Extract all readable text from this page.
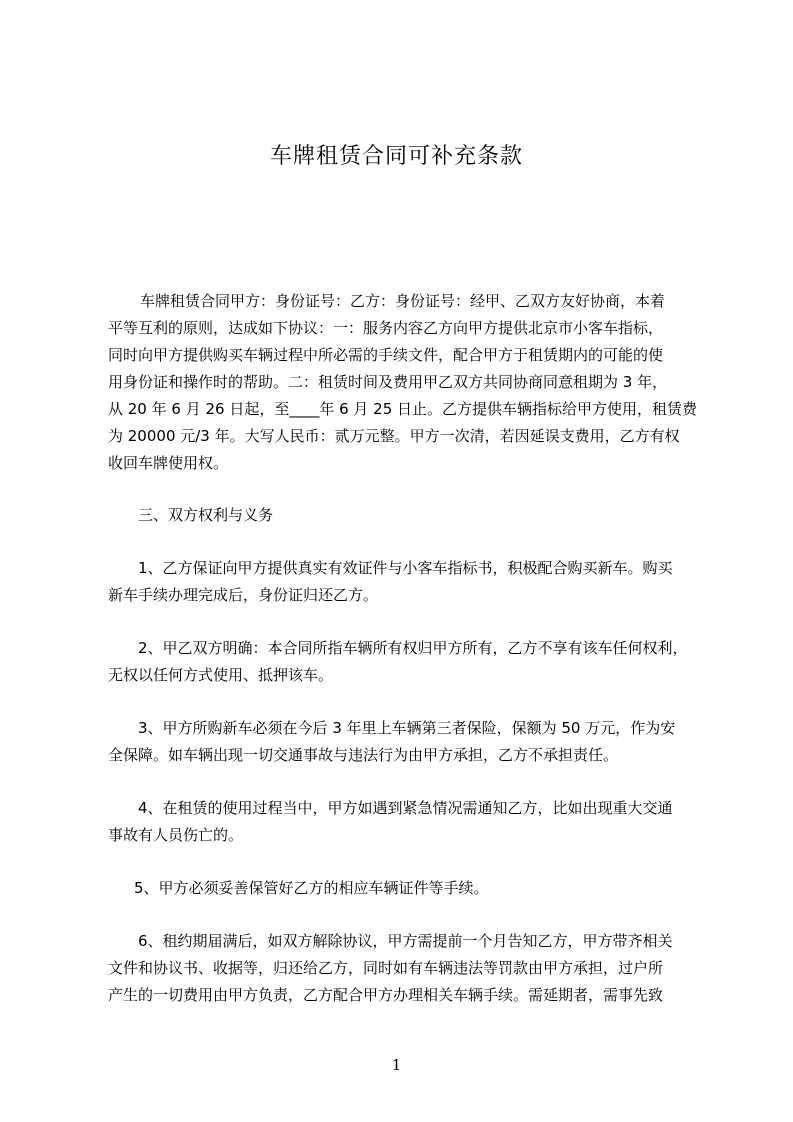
车牌租赁合同可补充条款

车牌租赁合同甲方：身份证号：乙方：身份证号：经甲、乙双方友好协商，本着

平等互利的原则，达成如下协议：一：服务内容乙方向甲方提供北京市小客车指标，

同时向甲方提供购买车辆过程中所必需的手续文件，配合甲方于租赁期内的可能的使

用身份证和操作时的帮助。二：租赁时间及费用甲乙双方共同协商同意租期为 3 年，

从 20 年 6 月 26 日起，至____年 6 月 25 日止。乙方提供车辆指标给甲方使用，租赁费

为 20000 元/3 年。大写人民币：贰万元整。甲方一次清，若因延误支费用，乙方有权

收回车牌使用权。

三、双方权利与义务

1、乙方保证向甲方提供真实有效证件与小客车指标书，积极配合购买新车。购买

新车手续办理完成后，身份证归还乙方。

2、甲乙双方明确：本合同所指车辆所有权归甲方所有，乙方不享有该车任何权利，

无权以任何方式使用、抵押该车。

3、甲方所购新车必须在今后 3 年里上车辆第三者保险，保额为 50 万元，作为安

全保障。如车辆出现一切交通事故与违法行为由甲方承担，乙方不承担责任。

4、在租赁的使用过程当中，甲方如遇到紧急情况需通知乙方，比如出现重大交通

事故有人员伤亡的。

5、甲方必须妥善保管好乙方的相应车辆证件等手续。

6、租约期届满后，如双方解除协议，甲方需提前一个月告知乙方，甲方带齐相关

文件和协议书、收据等，归还给乙方，同时如有车辆违法等罚款由甲方承担，过户所

产生的一切费用由甲方负责，乙方配合甲方办理相关车辆手续。需延期者，需事先致

1
